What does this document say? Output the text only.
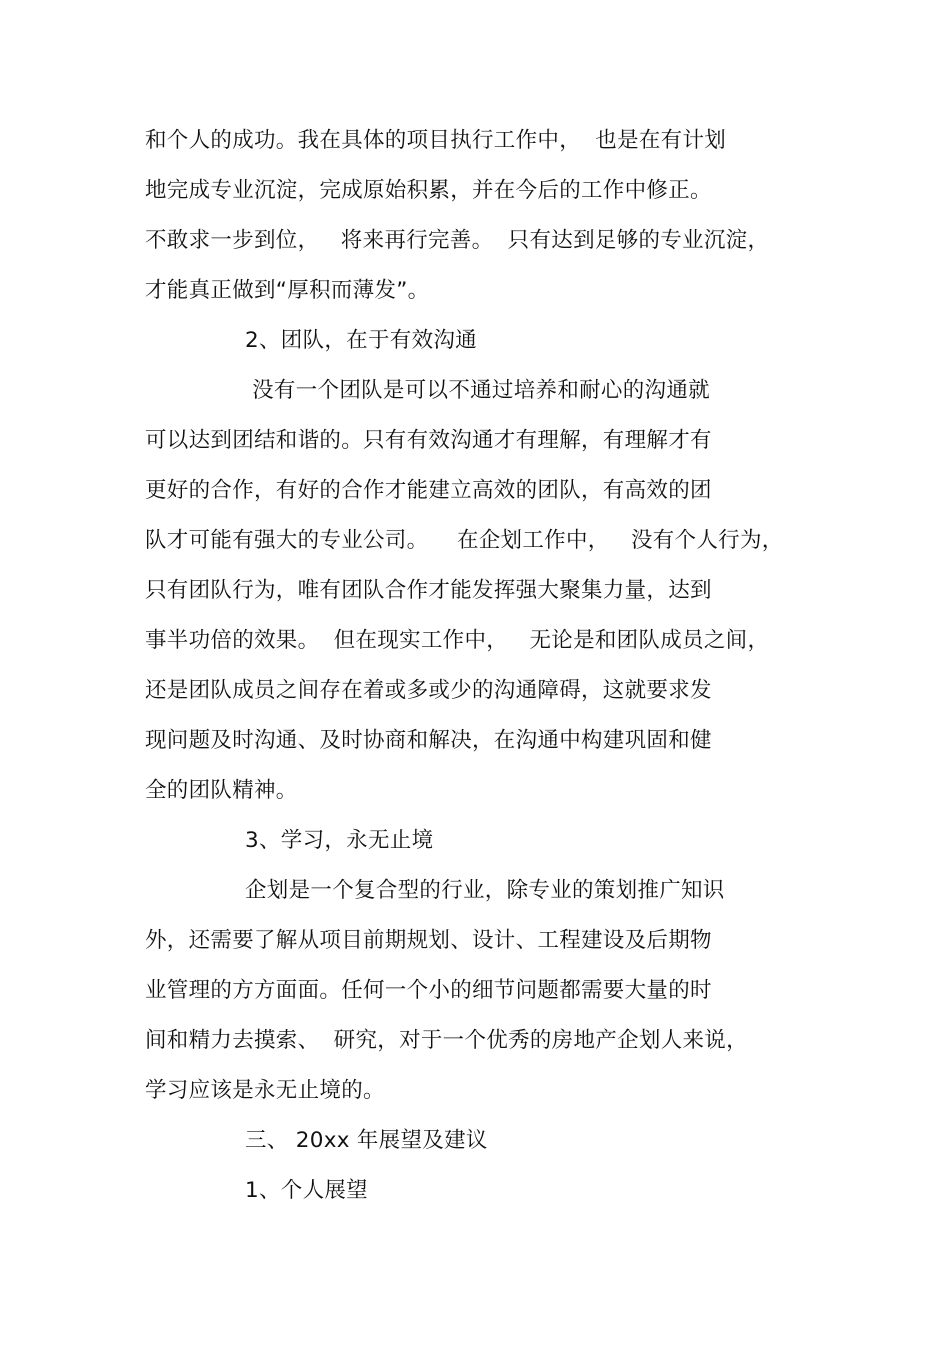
和个人的成功。我在具体的项目执行工作中，  也是在有计划
地完成专业沉淀，完成原始积累，并在今后的工作中修正。
不敢求一步到位，   将来再行完善。  只有达到足够的专业沉淀，
才能真正做到“厚积而薄发”。
2、团队，在于有效沟通
没有一个团队是可以不通过培养和耐心的沟通就
可以达到团结和谐的。只有有效沟通才有理解，有理解才有
更好的合作，有好的合作才能建立高效的团队，有高效的团
队才可能有强大的专业公司。    在企划工作中，   没有个人行为，
只有团队行为，唯有团队合作才能发挥强大聚集力量，达到
事半功倍的效果。  但在现实工作中，   无论是和团队成员之间，
还是团队成员之间存在着或多或少的沟通障碍，这就要求发
现问题及时沟通、及时协商和解决，在沟通中构建巩固和健
全的团队精神。
3、学习，永无止境
企划是一个复合型的行业，除专业的策划推广知识
外，还需要了解从项目前期规划、设计、工程建设及后期物
业管理的方方面面。任何一个小的细节问题都需要大量的时
间和精力去摸索、  研究，对于一个优秀的房地产企划人来说，
学习应该是永无止境的。
三、 20xx 年展望及建议
1、个人展望
